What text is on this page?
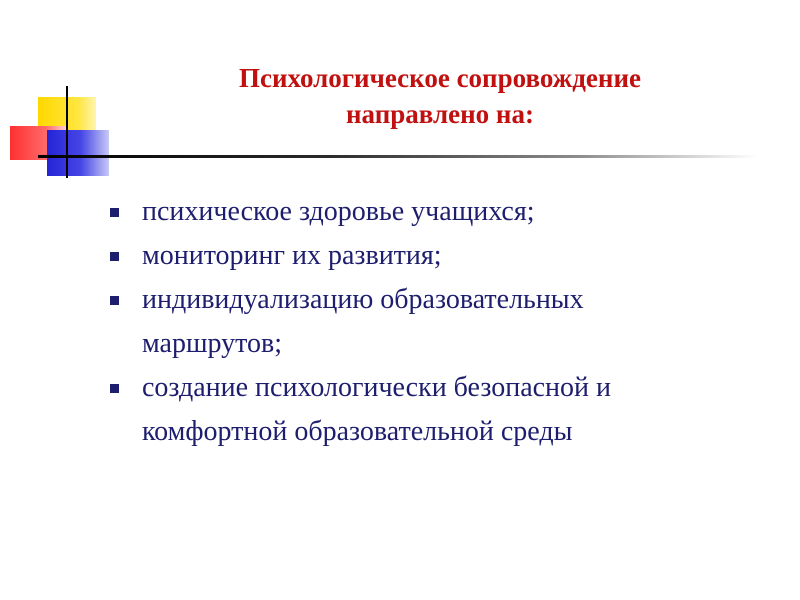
Психологическое сопровождение
направлено на:
психическое здоровье учащихся;
мониторинг их развития;
индивидуализацию образовательных
маршрутов;
создание психологически безопасной и
комфортной образовательной среды
